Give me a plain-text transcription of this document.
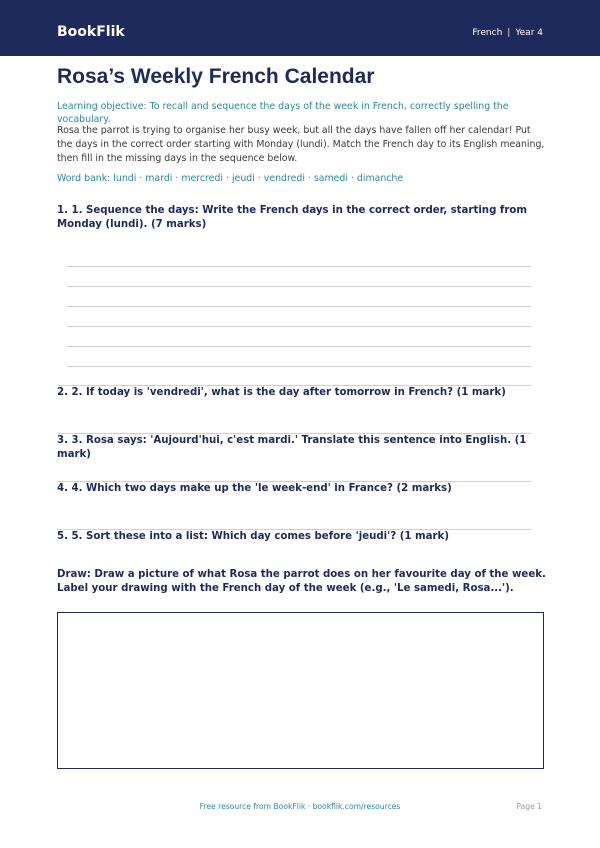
BookFlik	French | Year 4
Rosa’s Weekly French Calendar
Learning objective: To recall and sequence the days of the week in French, correctly spelling the vocabulary.
Rosa the parrot is trying to organise her busy week, but all the days have fallen off her calendar! Put the days in the correct order starting with Monday (lundi). Match the French day to its English meaning, then fill in the missing days in the sequence below.
Word bank: lundi · mardi · mercredi · jeudi · vendredi · samedi · dimanche
1. 1. Sequence the days: Write the French days in the correct order, starting from Monday (lundi). (7 marks)
2. 2. If today is 'vendredi', what is the day after tomorrow in French? (1 mark)
3. 3. Rosa says: 'Aujourd'hui, c'est mardi.' Translate this sentence into English. (1 mark)
4. 4. Which two days make up the 'le week-end' in France? (2 marks)
5. 5. Sort these into a list: Which day comes before 'jeudi'? (1 mark)
Draw: Draw a picture of what Rosa the parrot does on her favourite day of the week. Label your drawing with the French day of the week (e.g., 'Le samedi, Rosa...').
Free resource from BookFlik · bookflik.com/resources	Page 1
